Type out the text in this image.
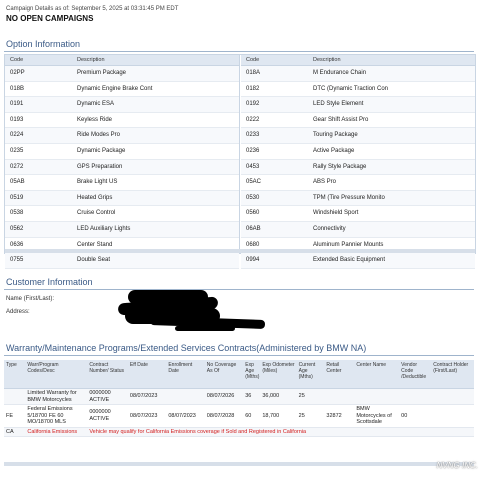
Campaign Details as of: September 5, 2025 at 03:31:45 PM EDT
NO OPEN CAMPAIGNS
Option Information
Code	Description
02PP	Premium Package
018B	Dynamic Engine Brake Cont
0191	Dynamic ESA
0193	Keyless Ride
0224	Ride Modes Pro
0235	Dynamic Package
0272	GPS Preparation
05AB	Brake Light US
0519	Heated Grips
0538	Cruise Control
0562	LED Auxiliary Lights
0636	Center Stand
0755	Double Seat
Code	Description
018A	M Endurance Chain
0182	DTC (Dynamic Traction Con
0192	LED Style Element
0222	Gear Shift Assist Pro
0233	Touring Package
0236	Active Package
0453	Rally Style Package
05AC	ABS Pro
0530	TPM (Tire Pressure Monito
0560	Windshield Sport
06AB	Connectivity
0680	Aluminum Pannier Mounts
0994	Extended Basic Equipment
Customer Information
Name (First/Last):
Address:
Warranty/Maintenance Programs/Extended Services Contracts(Administered by BMW NA)
Type	Warr/Program Codes/Desc	Contract Number/ Status	Eff Date	Enrollment Date	No Coverage As Of	Exp Age (Mths)	Exp Odometer (Miles)	Current Age (Mths)	Retail Center	Center Name	Vendor Code /Deductible	Contract Holder (First/Last)
	Limited Warranty for BMW Motorcycles	0000000 ACTIVE	08/07/2023		08/07/2026	36	36,000	25				
FE	Federal Emissions 5/18700 FE 60 MO/18700 MLS	0000000 ACTIVE	08/07/2023	08/07/2023	08/07/2028	60	18,700	25	32872	BMW Motorcycles of Scottsdale	00	
CA	California Emissions	Vehicle may qualify for California Emissions coverage if Sold and Registered in California										
NVNG INC.
